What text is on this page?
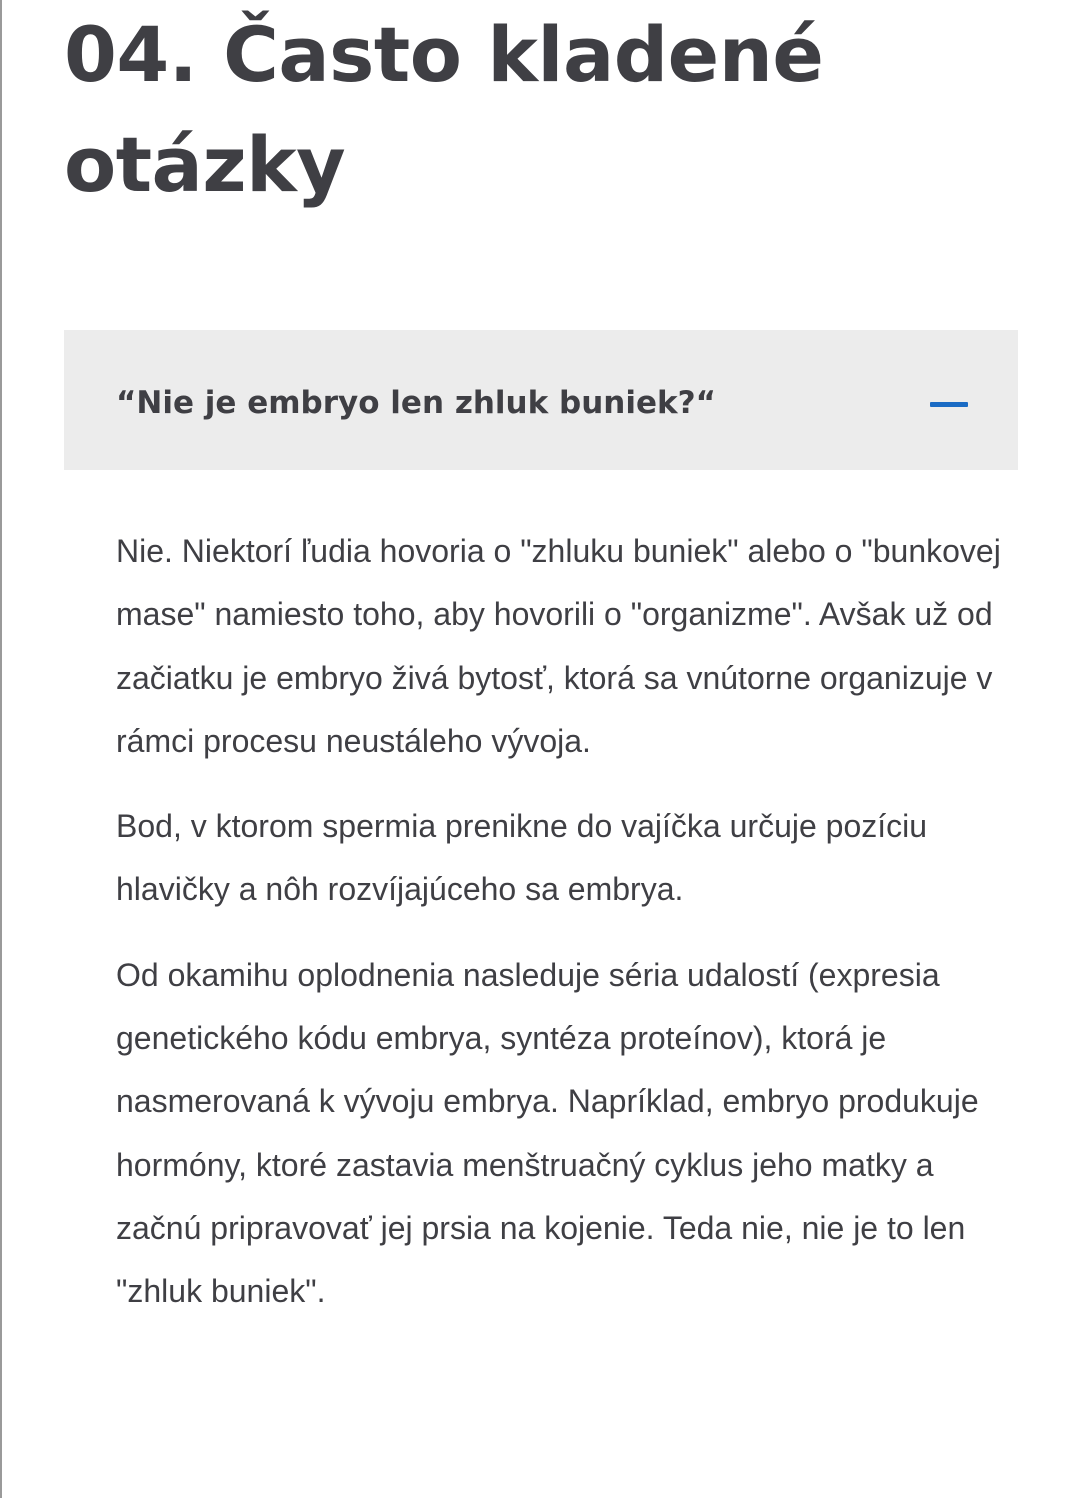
04. Často kladené otázky
“Nie je embryo len zhluk buniek?“

Nie. Niektorí ľudia hovoria o "zhluku buniek" alebo o "bunkovej mase" namiesto toho, aby hovorili o "organizme". Avšak už od začiatku je embryo živá bytosť, ktorá sa vnútorne organizuje v rámci procesu neustáleho vývoja.

Bod, v ktorom spermia prenikne do vajíčka určuje pozíciu hlavičky a nôh rozvíjajúceho sa embrya.

Od okamihu oplodnenia nasleduje séria udalostí (expresia genetického kódu embrya, syntéza proteínov), ktorá je nasmerovaná k vývoju embrya. Napríklad, embryo produkuje hormóny, ktoré zastavia menštruačný cyklus jeho matky a začnú pripravovať jej prsia na kojenie. Teda nie, nie je to len "zhluk buniek".
